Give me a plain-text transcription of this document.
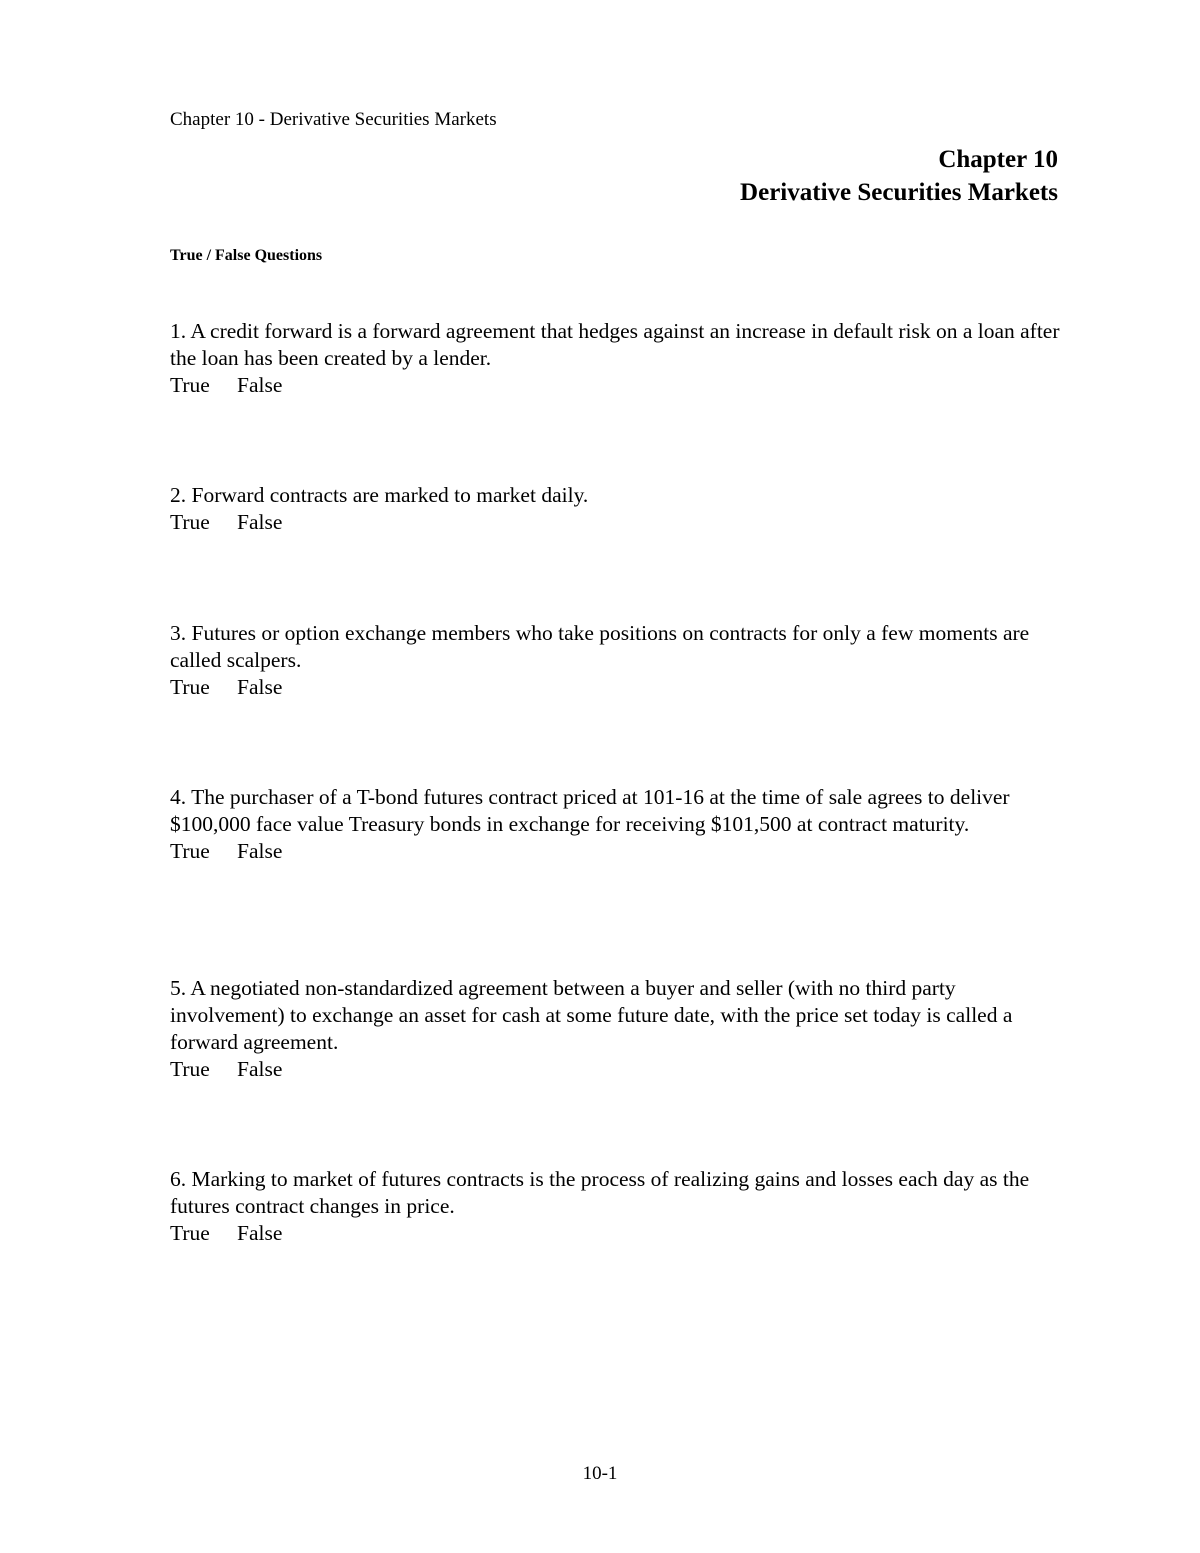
Chapter 10 - Derivative Securities Markets
Chapter 10
Derivative Securities Markets
True / False Questions
1. A credit forward is a forward agreement that hedges against an increase in default risk on a loan after the loan has been created by a lender.
True False
2. Forward contracts are marked to market daily.
True False
3. Futures or option exchange members who take positions on contracts for only a few moments are called scalpers.
True False
4. The purchaser of a T-bond futures contract priced at 101-16 at the time of sale agrees to deliver $100,000 face value Treasury bonds in exchange for receiving $101,500 at contract maturity.
True False
5. A negotiated non-standardized agreement between a buyer and seller (with no third party involvement) to exchange an asset for cash at some future date, with the price set today is called a forward agreement.
True False
6. Marking to market of futures contracts is the process of realizing gains and losses each day as the futures contract changes in price.
True False
10-1
